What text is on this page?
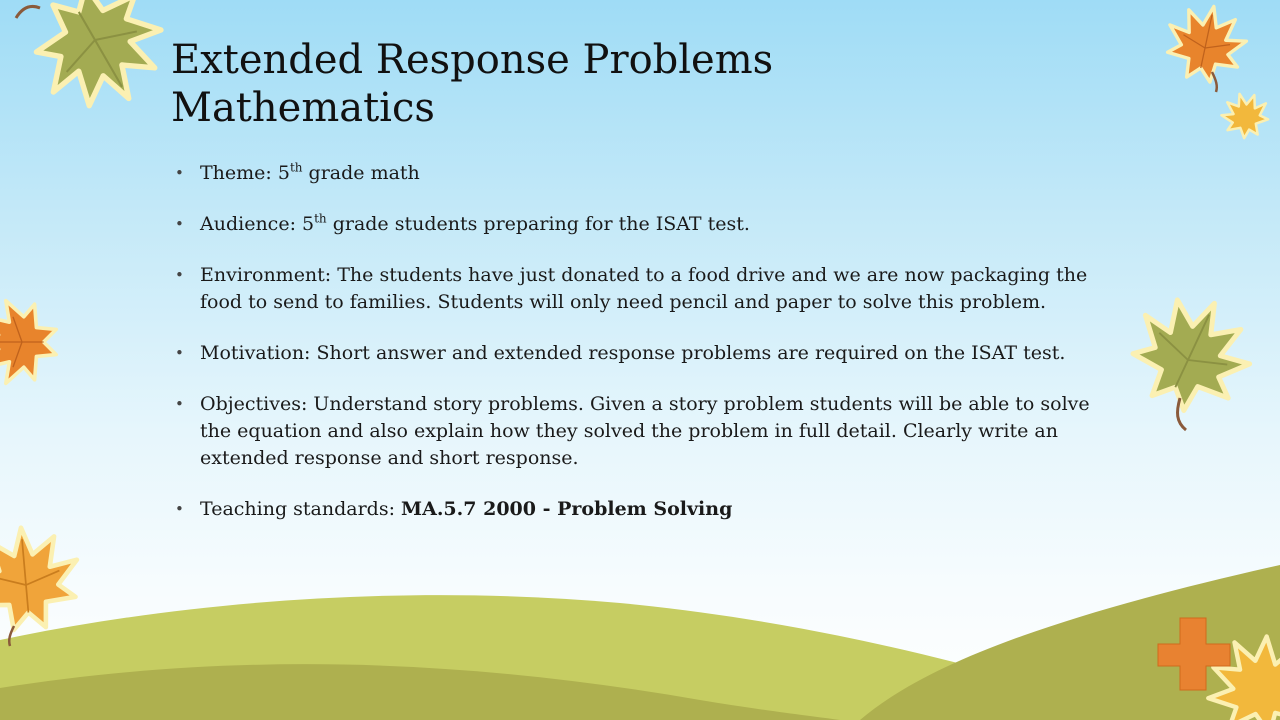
Extended Response Problems
Mathematics
• Theme: 5th grade math
• Audience: 5th grade students preparing for the ISAT test.
• Environment: The students have just donated to a food drive and we are now packaging the food to send to families. Students will only need pencil and paper to solve this problem.
• Motivation: Short answer and extended response problems are required on the ISAT test.
• Objectives: Understand story problems. Given a story problem students will be able to solve the equation and also explain how they solved the problem in full detail. Clearly write an extended response and short response.
• Teaching standards: MA.5.7 2000 - Problem Solving
